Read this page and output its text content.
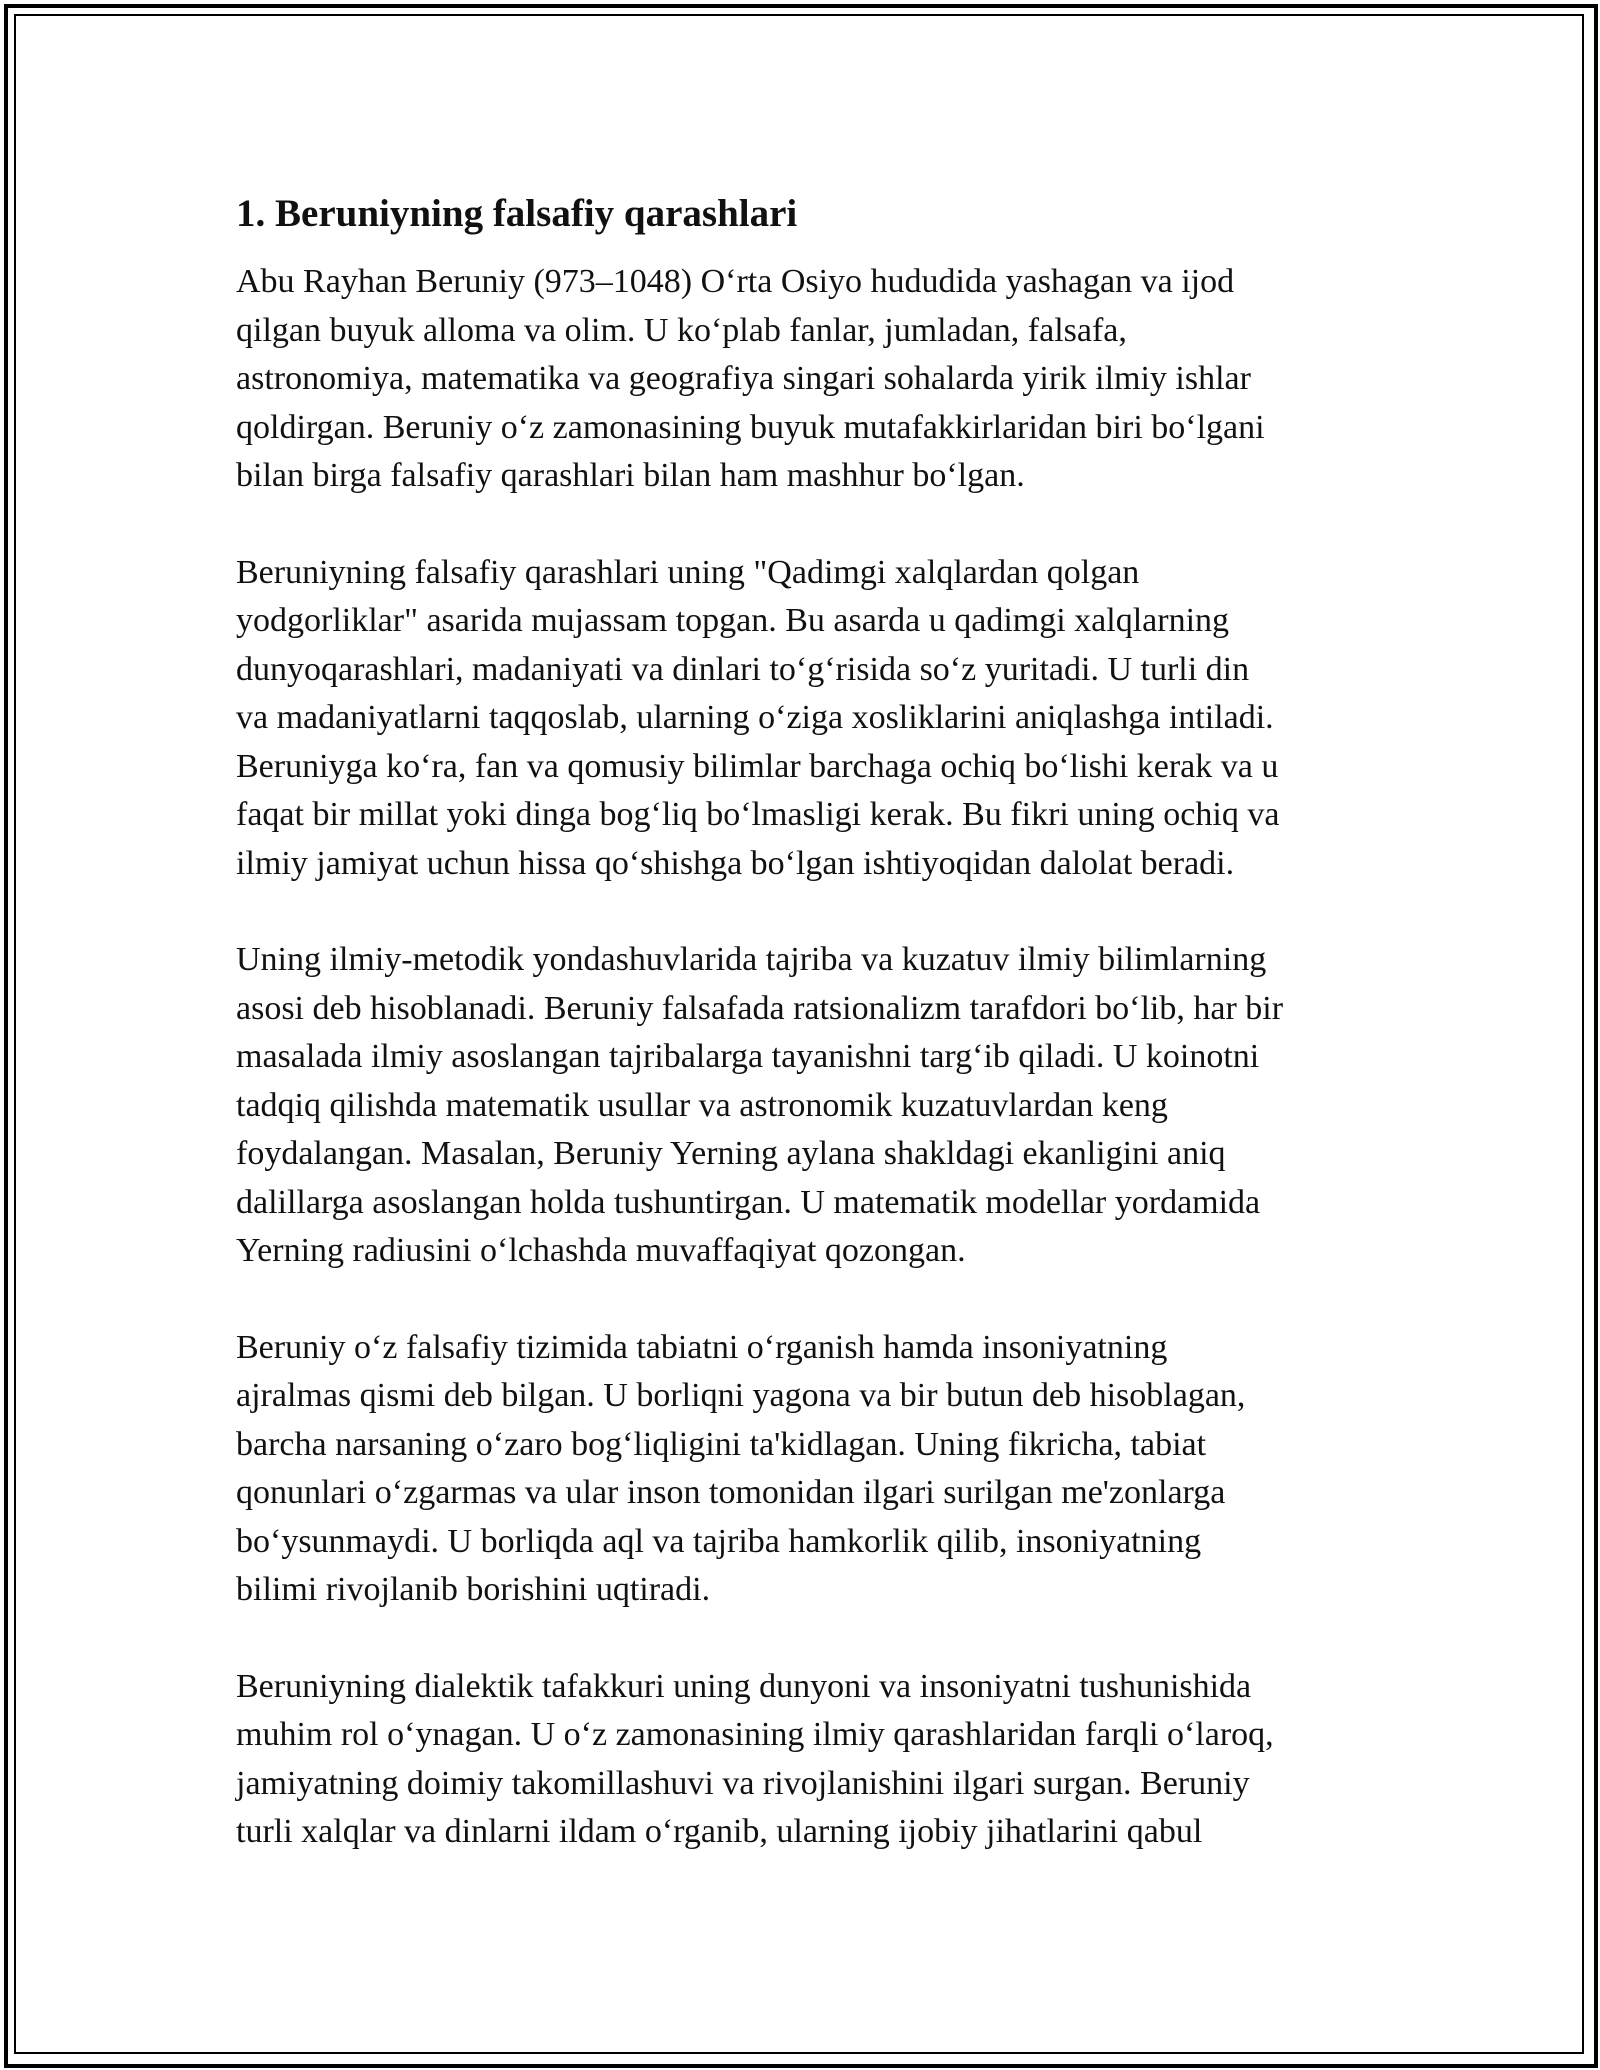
1. Beruniyning falsafiy qarashlari

Abu Rayhan Beruniy (973–1048) O‘rta Osiyo hududida yashagan va ijod
qilgan buyuk alloma va olim. U ko‘plab fanlar, jumladan, falsafa,
astronomiya, matematika va geografiya singari sohalarda yirik ilmiy ishlar
qoldirgan. Beruniy o‘z zamonasining buyuk mutafakkirlaridan biri bo‘lgani
bilan birga falsafiy qarashlari bilan ham mashhur bo‘lgan.

Beruniyning falsafiy qarashlari uning "Qadimgi xalqlardan qolgan
yodgorliklar" asarida mujassam topgan. Bu asarda u qadimgi xalqlarning
dunyoqarashlari, madaniyati va dinlari to‘g‘risida so‘z yuritadi. U turli din
va madaniyatlarni taqqoslab, ularning o‘ziga xosliklarini aniqlashga intiladi.
Beruniyga ko‘ra, fan va qomusiy bilimlar barchaga ochiq bo‘lishi kerak va u
faqat bir millat yoki dinga bog‘liq bo‘lmasligi kerak. Bu fikri uning ochiq va
ilmiy jamiyat uchun hissa qo‘shishga bo‘lgan ishtiyoqidan dalolat beradi.

Uning ilmiy-metodik yondashuvlarida tajriba va kuzatuv ilmiy bilimlarning
asosi deb hisoblanadi. Beruniy falsafada ratsionalizm tarafdori bo‘lib, har bir
masalada ilmiy asoslangan tajribalarga tayanishni targ‘ib qiladi. U koinotni
tadqiq qilishda matematik usullar va astronomik kuzatuvlardan keng
foydalangan. Masalan, Beruniy Yerning aylana shakldagi ekanligini aniq
dalillarga asoslangan holda tushuntirgan. U matematik modellar yordamida
Yerning radiusini o‘lchashda muvaffaqiyat qozongan.

Beruniy o‘z falsafiy tizimida tabiatni o‘rganish hamda insoniyatning
ajralmas qismi deb bilgan. U borliqni yagona va bir butun deb hisoblagan,
barcha narsaning o‘zaro bog‘liqligini ta'kidlagan. Uning fikricha, tabiat
qonunlari o‘zgarmas va ular inson tomonidan ilgari surilgan me'zonlarga
bo‘ysunmaydi. U borliqda aql va tajriba hamkorlik qilib, insoniyatning
bilimi rivojlanib borishini uqtiradi.

Beruniyning dialektik tafakkuri uning dunyoni va insoniyatni tushunishida
muhim rol o‘ynagan. U o‘z zamonasining ilmiy qarashlaridan farqli o‘laroq,
jamiyatning doimiy takomillashuvi va rivojlanishini ilgari surgan. Beruniy
turli xalqlar va dinlarni ildam o‘rganib, ularning ijobiy jihatlarini qabul
